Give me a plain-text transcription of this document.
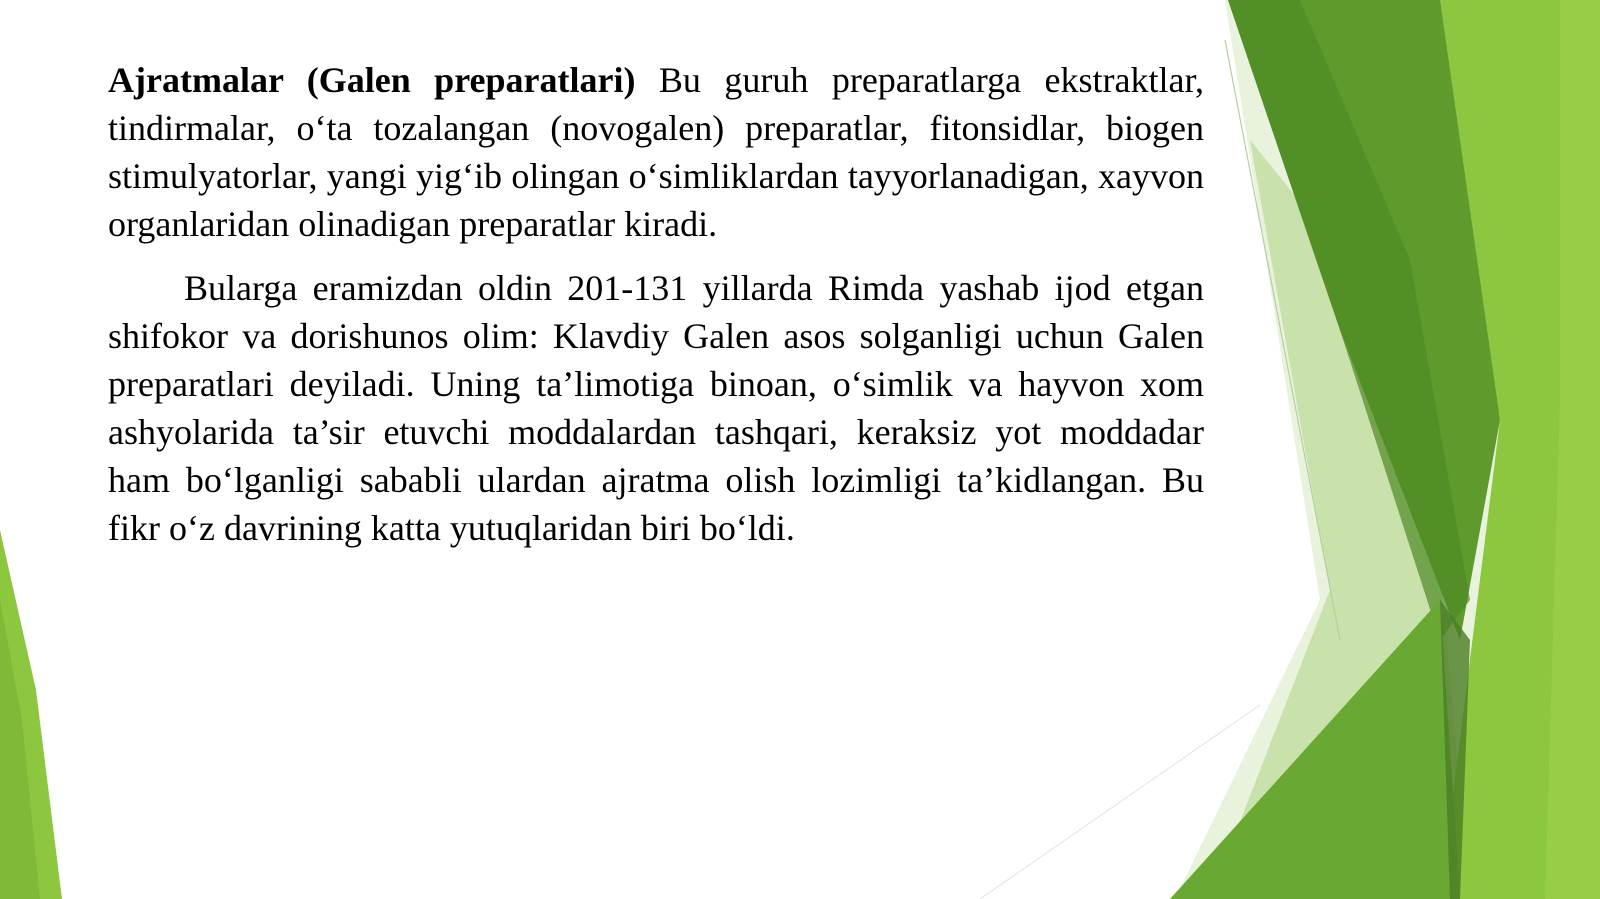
Ajratmalar (Galen preparatlari) Bu guruh preparatlarga ekstraktlar, tindirmalar, o‘ta tozalangan (novogalen) preparatlar, fitonsidlar, biogen stimulyatorlar, yangi yig‘ib olingan o‘simliklardan tayyorlanadigan, xayvon organlaridan olinadigan preparatlar kiradi.

Bularga eramizdan oldin 201-131 yillarda Rimda yashab ijod etgan shifokor va dorishunos olim: Klavdiy Galen asos solganligi uchun Galen preparatlari deyiladi. Uning ta’limotiga binoan, o‘simlik va hayvon xom ashyolarida ta’sir etuvchi moddalardan tashqari, keraksiz yot moddadar ham bo‘lganligi sababli ulardan ajratma olish lozimligi ta’kidlangan. Bu fikr o‘z davrining katta yutuqlaridan biri bo‘ldi.
